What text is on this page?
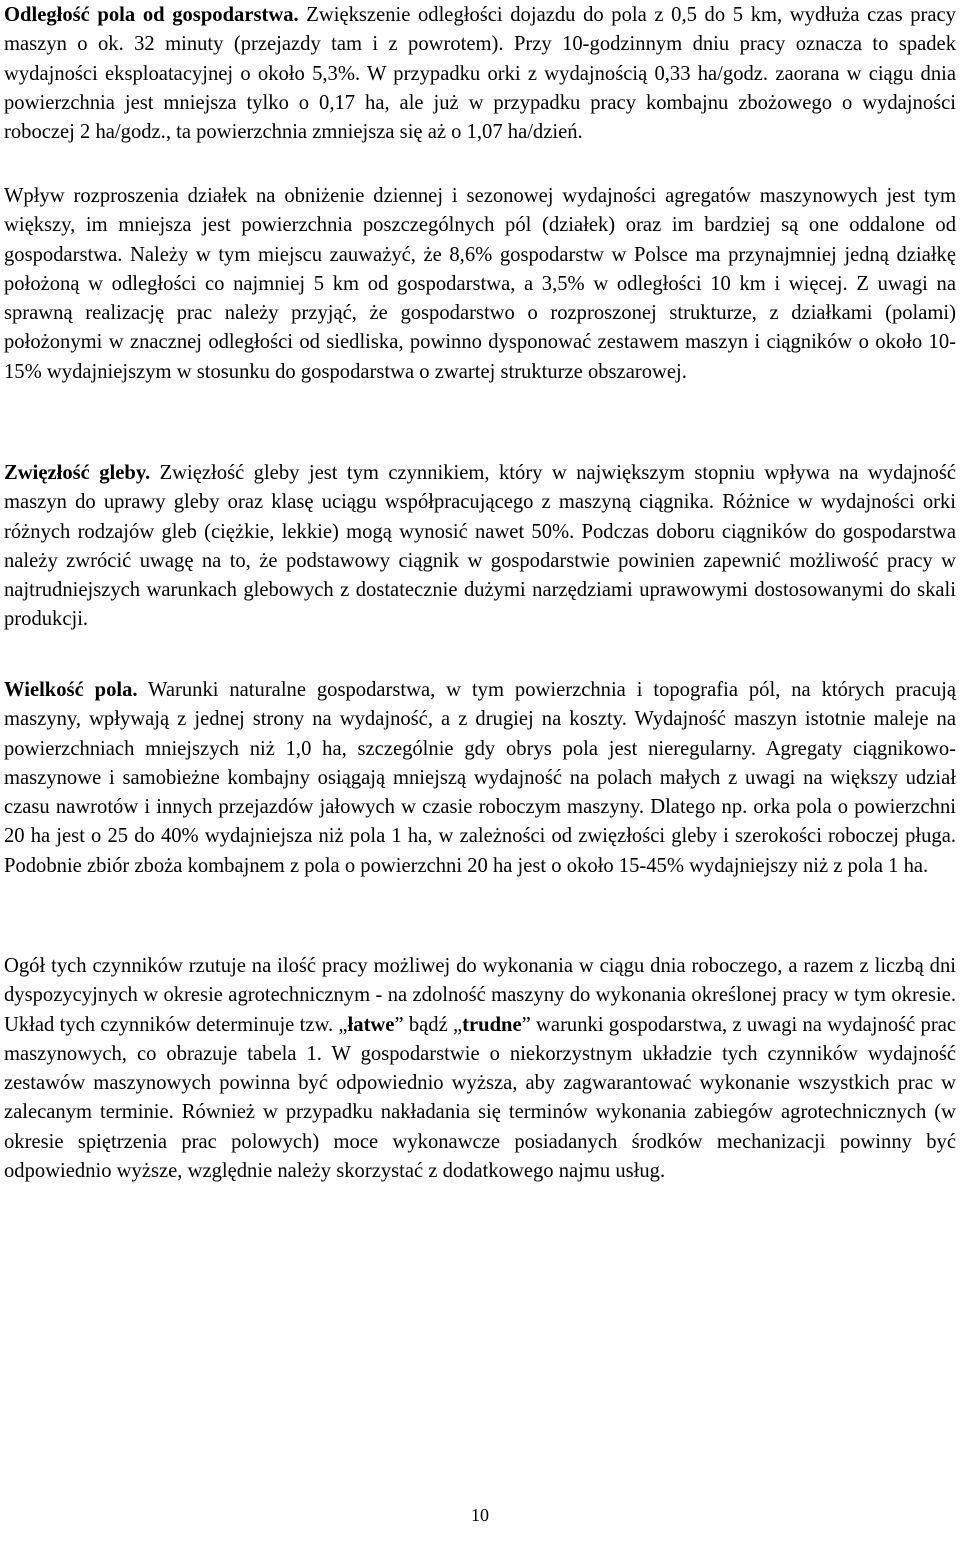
Odległość pola od gospodarstwa. Zwiększenie odległości dojazdu do pola z 0,5 do 5 km, wydłuża czas pracy maszyn o ok. 32 minuty (przejazdy tam i z powrotem). Przy 10-godzinnym dniu pracy oznacza to spadek wydajności eksploatacyjnej o około 5,3%. W przypadku orki z wydajnością 0,33 ha/godz. zaorana w ciągu dnia powierzchnia jest mniejsza tylko o 0,17 ha, ale już w przypadku pracy kombajnu zbożowego o wydajności roboczej 2 ha/godz., ta powierzchnia zmniejsza się aż o 1,07 ha/dzień.

Wpływ rozproszenia działek na obniżenie dziennej i sezonowej wydajności agregatów maszynowych jest tym większy, im mniejsza jest powierzchnia poszczególnych pól (działek) oraz im bardziej są one oddalone od gospodarstwa. Należy w tym miejscu zauważyć, że 8,6% gospodarstw w Polsce ma przynajmniej jedną działkę położoną w odległości co najmniej 5 km od gospodarstwa, a 3,5% w odległości 10 km i więcej. Z uwagi na sprawną realizację prac należy przyjąć, że gospodarstwo o rozproszonej strukturze, z działkami (polami) położonymi w znacznej odległości od siedliska, powinno dysponować zestawem maszyn i ciągników o około 10-15% wydajniejszym w stosunku do gospodarstwa o zwartej strukturze obszarowej.

Zwięzłość gleby. Zwięzłość gleby jest tym czynnikiem, który w największym stopniu wpływa na wydajność maszyn do uprawy gleby oraz klasę uciągu współpracującego z maszyną ciągnika. Różnice w wydajności orki różnych rodzajów gleb (ciężkie, lekkie) mogą wynosić nawet 50%. Podczas doboru ciągników do gospodarstwa należy zwrócić uwagę na to, że podstawowy ciągnik w gospodarstwie powinien zapewnić możliwość pracy w najtrudniejszych warunkach glebowych z dostatecznie dużymi narzędziami uprawowymi dostosowanymi do skali produkcji.

Wielkość pola. Warunki naturalne gospodarstwa, w tym powierzchnia i topografia pól, na których pracują maszyny, wpływają z jednej strony na wydajność, a z drugiej na koszty. Wydajność maszyn istotnie maleje na powierzchniach mniejszych niż 1,0 ha, szczególnie gdy obrys pola jest nieregularny. Agregaty ciągnikowo-maszynowe i samobieżne kombajny osiągają mniejszą wydajność na polach małych z uwagi na większy udział czasu nawrotów i innych przejazdów jałowych w czasie roboczym maszyny. Dlatego np. orka pola o powierzchni 20 ha jest o 25 do 40% wydajniejsza niż pola 1 ha, w zależności od zwięzłości gleby i szerokości roboczej pługa. Podobnie zbiór zboża kombajnem z pola o powierzchni 20 ha jest o około 15-45% wydajniejszy niż z pola 1 ha.

Ogół tych czynników rzutuje na ilość pracy możliwej do wykonania w ciągu dnia roboczego, a razem z liczbą dni dyspozycyjnych w okresie agrotechnicznym - na zdolność maszyny do wykonania określonej pracy w tym okresie. Układ tych czynników determinuje tzw. „łatwe” bądź „trudne” warunki gospodarstwa, z uwagi na wydajność prac maszynowych, co obrazuje tabela 1. W gospodarstwie o niekorzystnym układzie tych czynników wydajność zestawów maszynowych powinna być odpowiednio wyższa, aby zagwarantować wykonanie wszystkich prac w zalecanym terminie. Również w przypadku nakładania się terminów wykonania zabiegów agrotechnicznych (w okresie spiętrzenia prac polowych) moce wykonawcze posiadanych środków mechanizacji powinny być odpowiednio wyższe, względnie należy skorzystać z dodatkowego najmu usług.

10
